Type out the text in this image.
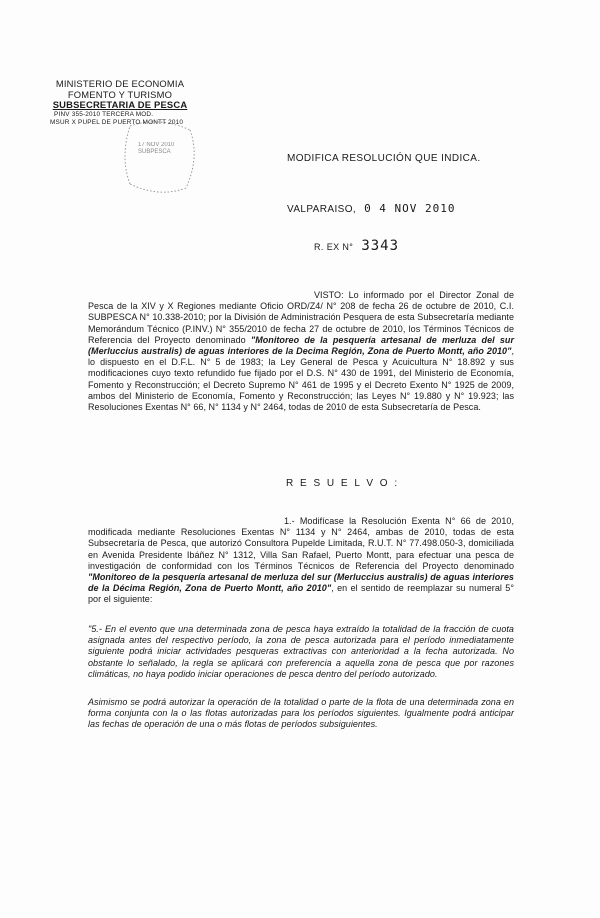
MINISTERIO DE ECONOMIA
FOMENTO Y TURISMO
SUBSECRETARIA DE PESCA
PINV 355-2010 TERCERA MOD.
MSUR X PUPEL DE PUERTO MONTT 2010
17 NOV 2010
SUBPESCA
MODIFICA RESOLUCIÓN QUE INDICA.
VALPARAISO, 0 4 NOV 2010
R. EX N° 3343

VISTO: Lo informado por el Director Zonal de Pesca de la XIV y X Regiones mediante Oficio ORD/Z4/ N° 208 de fecha 26 de octubre de 2010, C.I. SUBPESCA N° 10.338-2010; por la División de Administración Pesquera de esta Subsecretaría mediante Memorándum Técnico (P.INV.) N° 355/2010 de fecha 27 de octubre de 2010, los Términos Técnicos de Referencia del Proyecto denominado "Monitoreo de la pesquería artesanal de merluza del sur (Merluccius australis) de aguas interiores de la Decima Región, Zona de Puerto Montt, año 2010", lo dispuesto en el D.F.L. N° 5 de 1983; la Ley General de Pesca y Acuicultura N° 18.892 y sus modificaciones cuyo texto refundido fue fijado por el D.S. N° 430 de 1991, del Ministerio de Economía, Fomento y Reconstrucción; el Decreto Supremo N° 461 de 1995 y el Decreto Exento N° 1925 de 2009, ambos del Ministerio de Economía, Fomento y Reconstrucción; las Leyes N° 19.880 y N° 19.923; las Resoluciones Exentas N° 66, N° 1134 y N° 2464, todas de 2010 de esta Subsecretaría de Pesca.

R E S U E L V O :

1.- Modifícase la Resolución Exenta N° 66 de 2010, modificada mediante Resoluciones Exentas N° 1134 y N° 2464, ambas de 2010, todas de esta Subsecretaría de Pesca, que autorizó Consultora Pupelde Limitada, R.U.T. N° 77.498.050-3, domiciliada en Avenida Presidente Ibáñez N° 1312, Villa San Rafael, Puerto Montt, para efectuar una pesca de investigación de conformidad con los Términos Técnicos de Referencia del Proyecto denominado "Monitoreo de la pesquería artesanal de merluza del sur (Merluccius australis) de aguas interiores de la Décima Región, Zona de Puerto Montt, año 2010", en el sentido de reemplazar su numeral 5° por el siguiente:

"5.- En el evento que una determinada zona de pesca haya extraído la totalidad de la fracción de cuota asignada antes del respectivo período, la zona de pesca autorizada para el período inmediatamente siguiente podrá iniciar actividades pesqueras extractivas con anterioridad a la fecha autorizada. No obstante lo señalado, la regla se aplicará con preferencia a aquella zona de pesca que por razones climáticas, no haya podido iniciar operaciones de pesca dentro del período autorizado.

Asimismo se podrá autorizar la operación de la totalidad o parte de la flota de una determinada zona en forma conjunta con la o las flotas autorizadas para los períodos siguientes. Igualmente podrá anticipar las fechas de operación de una o más flotas de períodos subsiguientes.
